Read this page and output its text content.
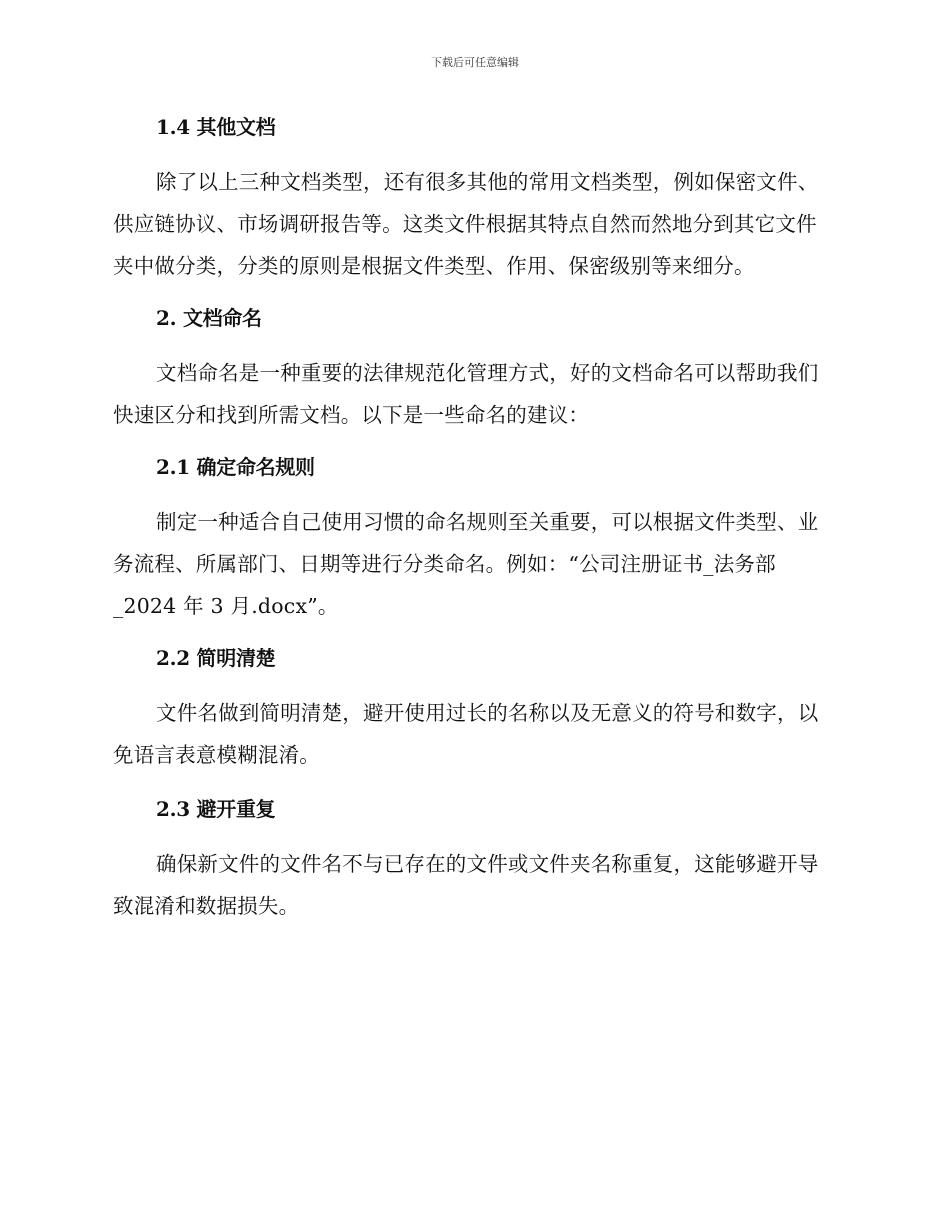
下载后可任意编辑
1.4 其他文档
除了以上三种文档类型，还有很多其他的常用文档类型，例如保密文件、供应链协议、市场调研报告等。这类文件根据其特点自然而然地分到其它文件夹中做分类，分类的原则是根据文件类型、作用、保密级别等来细分。
2. 文档命名
文档命名是一种重要的法律规范化管理方式，好的文档命名可以帮助我们快速区分和找到所需文档。以下是一些命名的建议：
2.1 确定命名规则
制定一种适合自己使用习惯的命名规则至关重要，可以根据文件类型、业务流程、所属部门、日期等进行分类命名。例如：“公司注册证书_法务部_2024 年 3 月.docx”。
2.2 简明清楚
文件名做到简明清楚，避开使用过长的名称以及无意义的符号和数字，以免语言表意模糊混淆。
2.3 避开重复
确保新文件的文件名不与已存在的文件或文件夹名称重复，这能够避开导致混淆和数据损失。
